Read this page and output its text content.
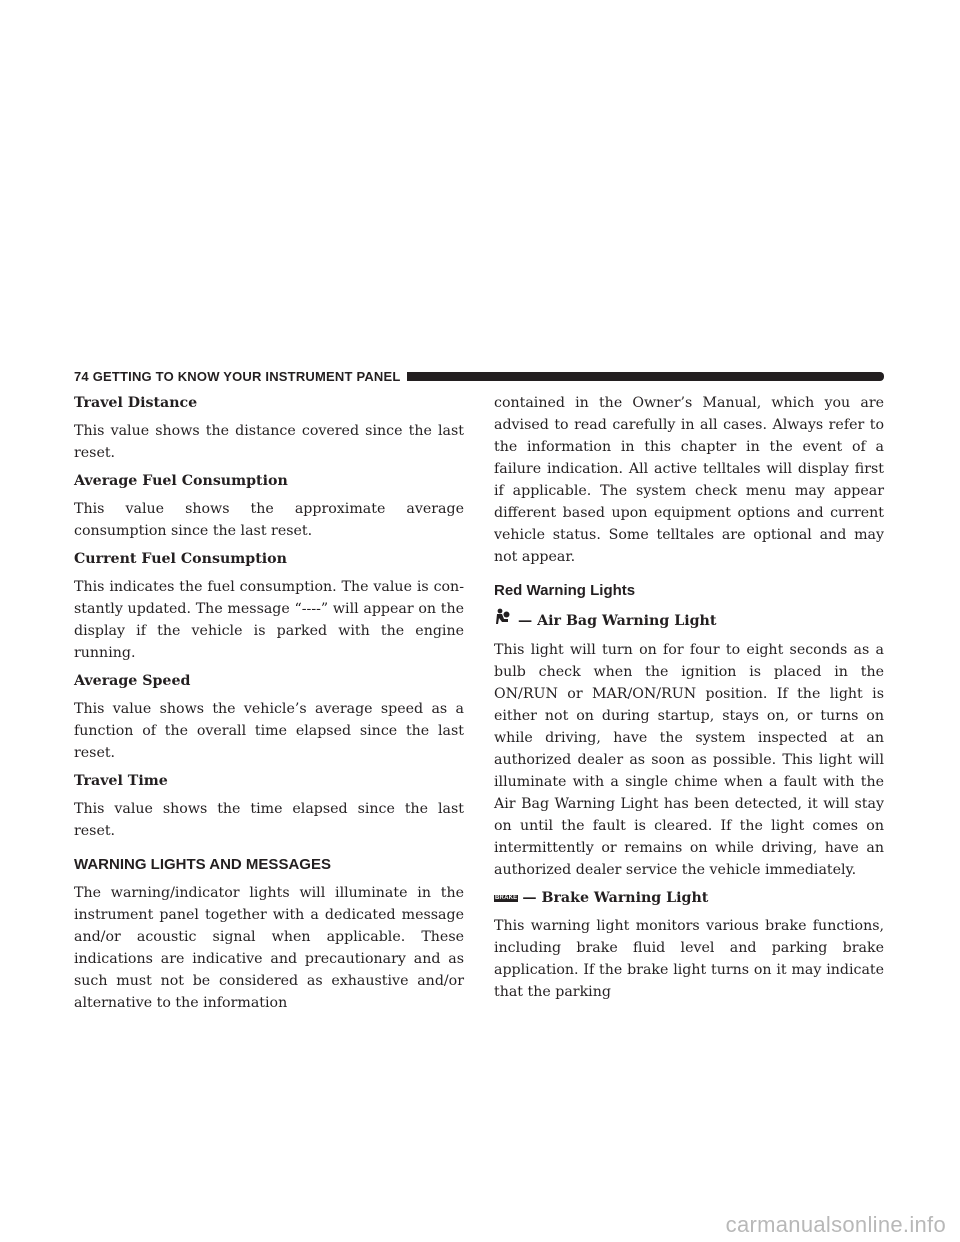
74 GETTING TO KNOW YOUR INSTRUMENT PANEL
Travel Distance
This value shows the distance covered since the last reset.
Average Fuel Consumption
This value shows the approximate average consumption since the last reset.
Current Fuel Consumption
This indicates the fuel consumption. The value is constantly updated. The message “----” will appear on the display if the vehicle is parked with the engine running.
Average Speed
This value shows the vehicle’s average speed as a function of the overall time elapsed since the last reset.
Travel Time
This value shows the time elapsed since the last reset.
WARNING LIGHTS AND MESSAGES
The warning/indicator lights will illuminate in the instrument panel together with a dedicated message and/or acoustic signal when applicable. These indications are indicative and precautionary and as such must not be considered as exhaustive and/or alternative to the information
contained in the Owner’s Manual, which you are advised to read carefully in all cases. Always refer to the information in this chapter in the event of a failure indication. All active telltales will display first if applicable. The system check menu may appear different based upon equipment options and current vehicle status. Some telltales are optional and may not appear.
Red Warning Lights
— Air Bag Warning Light
This light will turn on for four to eight seconds as a bulb check when the ignition is placed in the ON/RUN or MAR/ON/RUN position. If the light is either not on during startup, stays on, or turns on while driving, have the system inspected at an authorized dealer as soon as possible. This light will illuminate with a single chime when a fault with the Air Bag Warning Light has been detected, it will stay on until the fault is cleared. If the light comes on intermittently or remains on while driving, have an authorized dealer service the vehicle immediately.
BRAKE — Brake Warning Light
This warning light monitors various brake functions, including brake fluid level and parking brake application. If the brake light turns on it may indicate that the parking
carmanualsonline.info
